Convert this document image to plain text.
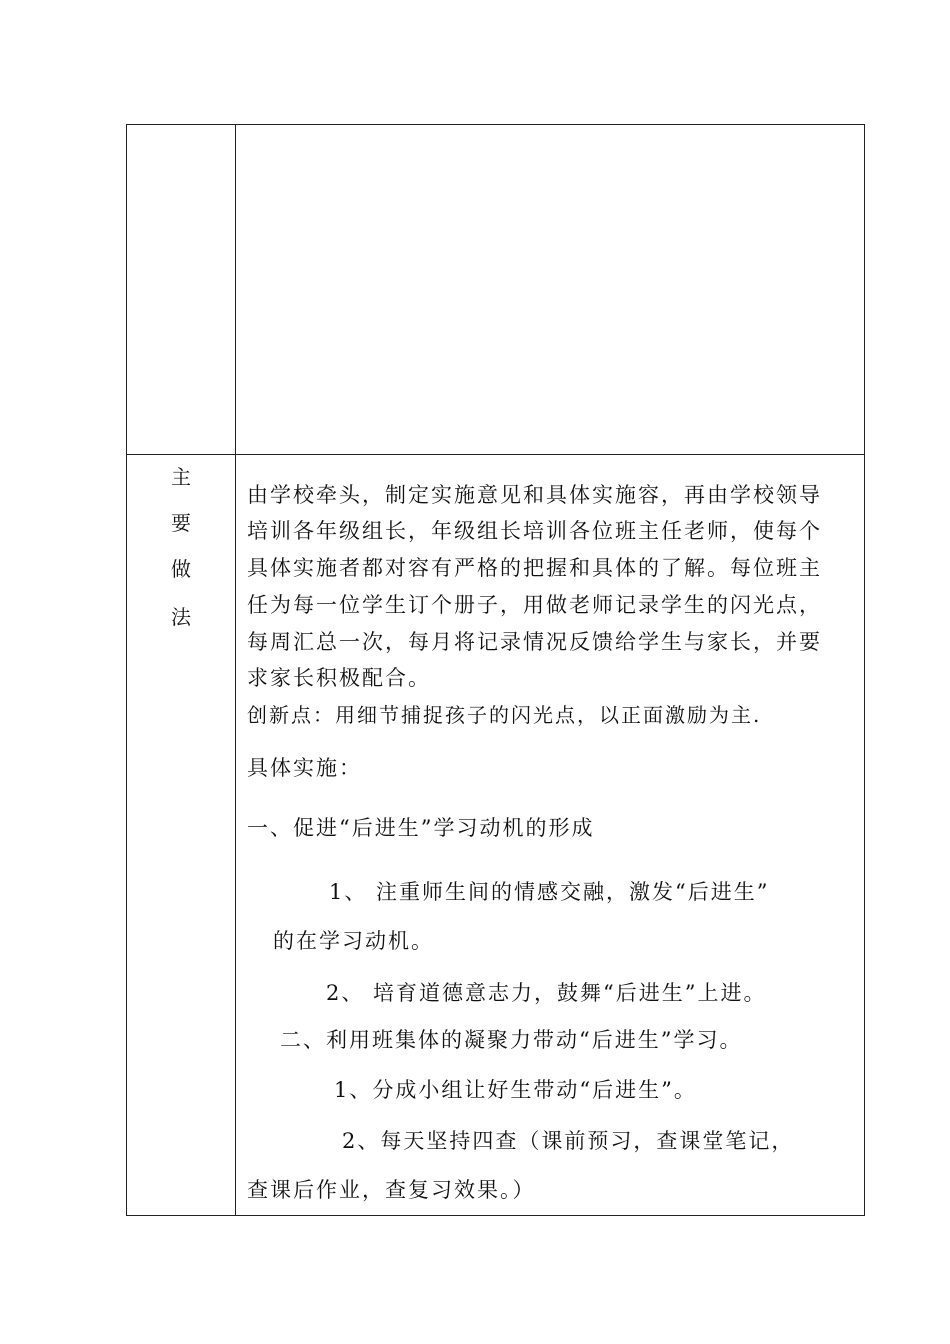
主
要
做
法
由学校牵头，制定实施意见和具体实施容，再由学校领导
培训各年级组长，年级组长培训各位班主任老师，使每个
具体实施者都对容有严格的把握和具体的了解。每位班主
任为每一位学生订个册子，用做老师记录学生的闪光点，
每周汇总一次，每月将记录情况反馈给学生与家长，并要
求家长积极配合。
创新点：用细节捕捉孩子的闪光点，以正面激励为主.
具体实施：
一、促进“后进生”学习动机的形成
1、 注重师生间的情感交融，激发“后进生”
的在学习动机。
2、 培育道德意志力，鼓舞“后进生”上进。
二、利用班集体的凝聚力带动“后进生”学习。
1、分成小组让好生带动“后进生”。
2、每天坚持四查（课前预习，查课堂笔记，
查课后作业，查复习效果。）
